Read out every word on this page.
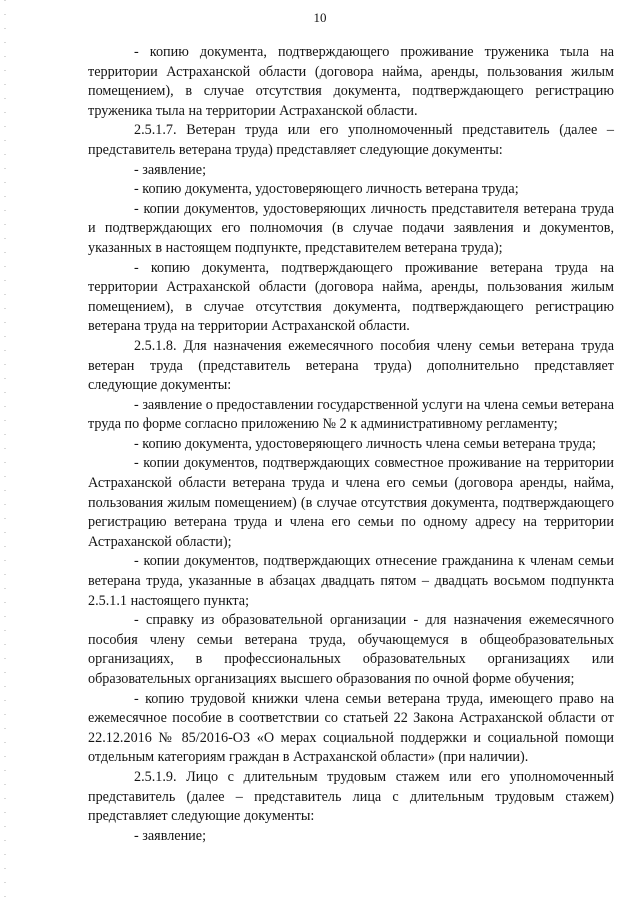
10

- копию документа, подтверждающего проживание труженика тыла на территории Астраханской области (договора найма, аренды, пользования жилым помещением), в случае отсутствия документа, подтверждающего регистрацию труженика тыла на территории Астраханской области.

2.5.1.7. Ветеран труда или его уполномоченный представитель (далее – представитель ветерана труда) представляет следующие документы:

- заявление;

- копию документа, удостоверяющего личность ветерана труда;

- копии документов, удостоверяющих личность представителя ветерана труда и подтверждающих его полномочия (в случае подачи заявления и документов, указанных в настоящем подпункте, представителем ветерана труда);

- копию документа, подтверждающего проживание ветерана труда на территории Астраханской области (договора найма, аренды, пользования жилым помещением), в случае отсутствия документа, подтверждающего регистрацию ветерана труда на территории Астраханской области.

2.5.1.8. Для назначения ежемесячного пособия члену семьи ветерана труда ветеран труда (представитель ветерана труда) дополнительно представляет следующие документы:

- заявление о предоставлении государственной услуги на члена семьи ветерана труда по форме согласно приложению № 2 к административному регламенту;

- копию документа, удостоверяющего личность члена семьи ветерана труда;

- копии документов, подтверждающих совместное проживание на территории Астраханской области ветерана труда и члена его семьи (договора аренды, найма, пользования жилым помещением) (в случае отсутствия документа, подтверждающего регистрацию ветерана труда и члена его семьи по одному адресу на территории Астраханской области);

- копии документов, подтверждающих отнесение гражданина к членам семьи ветерана труда, указанные в абзацах двадцать пятом – двадцать восьмом подпункта 2.5.1.1 настоящего пункта;

- справку из образовательной организации - для назначения ежемесячного пособия члену семьи ветерана труда, обучающемуся в общеобразовательных организациях, в профессиональных образовательных организациях или образовательных организациях высшего образования по очной форме обучения;

- копию трудовой книжки члена семьи ветерана труда, имеющего право на ежемесячное пособие в соответствии со статьей 22 Закона Астраханской области от 22.12.2016 № 85/2016-ОЗ «О мерах социальной поддержки и социальной помощи отдельным категориям граждан в Астраханской области» (при наличии).

2.5.1.9. Лицо с длительным трудовым стажем или его уполномоченный представитель (далее – представитель лица с длительным трудовым стажем) представляет следующие документы:

- заявление;
